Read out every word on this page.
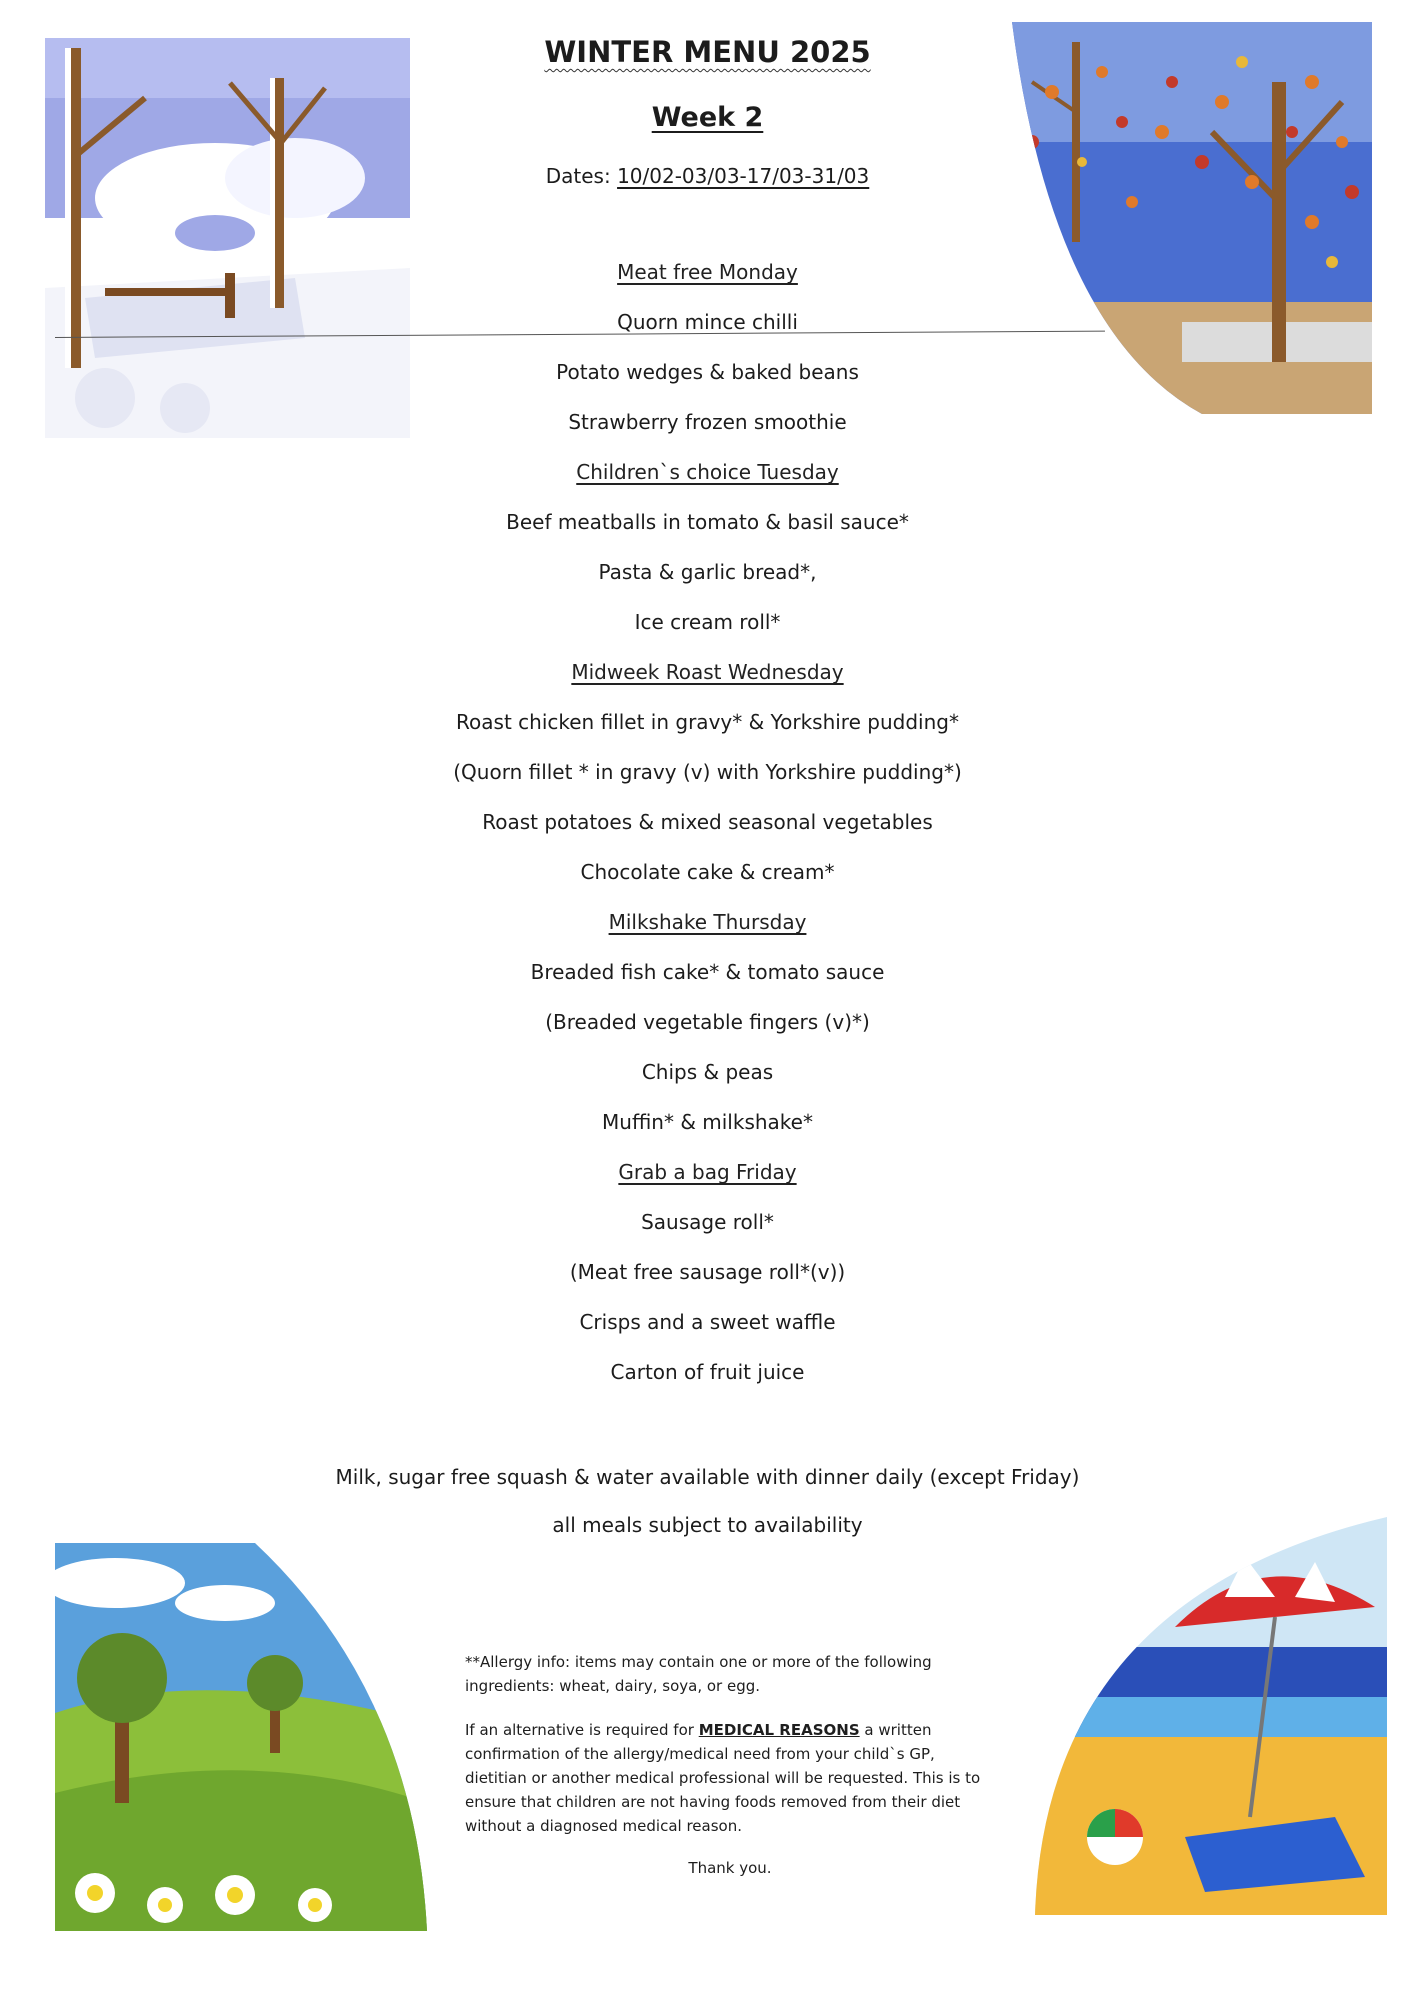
WINTER MENU 2025
Week 2
Dates: 10/02-03/03-17/03-31/03
Meat free Monday
Quorn mince chilli
Potato wedges & baked beans
Strawberry frozen smoothie
Children`s choice Tuesday
Beef meatballs in tomato & basil sauce*
Pasta & garlic bread*,
Ice cream roll*
Midweek Roast Wednesday
Roast chicken fillet in gravy* & Yorkshire pudding*
(Quorn fillet * in gravy (v) with Yorkshire pudding*)
Roast potatoes & mixed seasonal vegetables
Chocolate cake & cream*
Milkshake Thursday
Breaded fish cake* & tomato sauce
(Breaded vegetable fingers (v)*)
Chips & peas
Muffin* & milkshake*
Grab a bag Friday
Sausage roll*
(Meat free sausage roll*(v))
Crisps and a sweet waffle
Carton of fruit juice
Milk, sugar free squash & water available with dinner daily (except Friday)
all meals subject to availability

**Allergy info: items may contain one or more of the following ingredients: wheat, dairy, soya, or egg.

If an alternative is required for MEDICAL REASONS a written confirmation of the allergy/medical need from your child`s GP, dietitian or another medical professional will be requested. This is to ensure that children are not having foods removed from their diet without a diagnosed medical reason.

Thank you.
